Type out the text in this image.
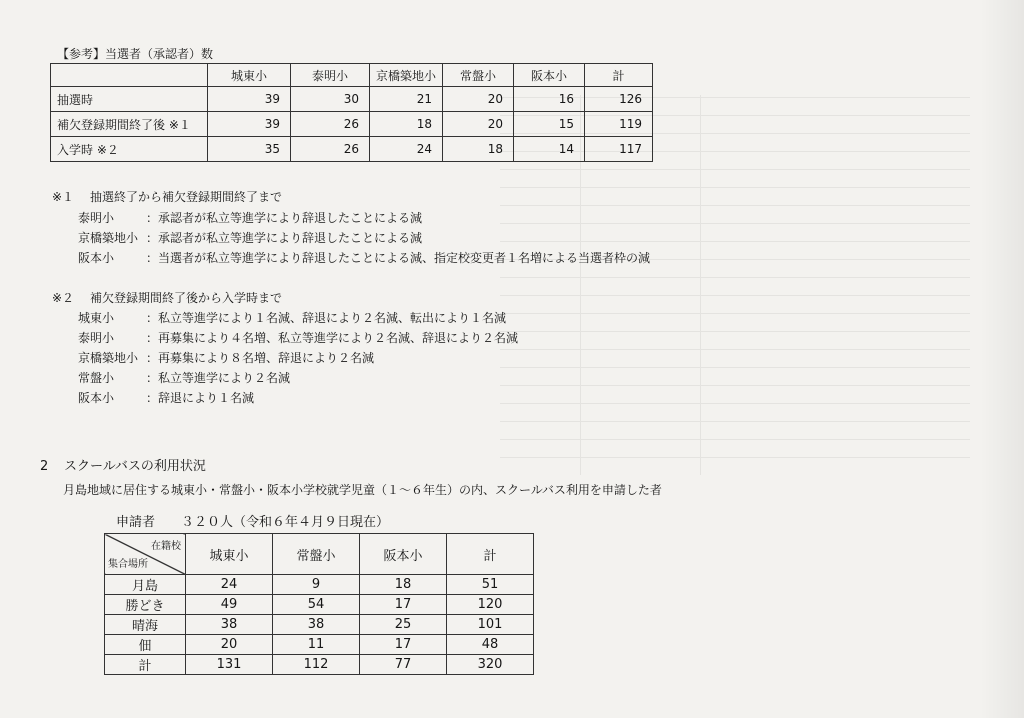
【参考】当選者（承認者）数
	城東小	泰明小	京橋築地小	常盤小	阪本小	計
抽選時	39	30	21	20	16	126
補欠登録期間終了後 ※１	39	26	18	20	15	119
入学時 ※２	35	26	24	18	14	117
※１ 抽選終了から補欠登録期間終了まで
泰明小	：承認者が私立等進学により辞退したことによる減
京橋築地小 ：承認者が私立等進学により辞退したことによる減
阪本小	：当選者が私立等進学により辞退したことによる減、指定校変更者１名増による当選者枠の減
※２ 補欠登録期間終了後から入学時まで
城東小	：私立等進学により１名減、辞退により２名減、転出により１名減
泰明小	：再募集により４名増、私立等進学により２名減、辞退により２名減
京橋築地小 ：再募集により８名増、辞退により２名減
常盤小	：私立等進学により２名減
阪本小	：辞退により１名減
2 スクールバスの利用状況
月島地域に居住する城東小・常盤小・阪本小学校就学児童（１～６年生）の内、スクールバス利用を申請した者
申請者　　３２０人（令和６年４月９日現在）
在籍校
集合場所	城東小	常盤小	阪本小	計
月島	24	9	18	51
勝どき	49	54	17	120
晴海	38	38	25	101
佃	20	11	17	48
計	131	112	77	320
